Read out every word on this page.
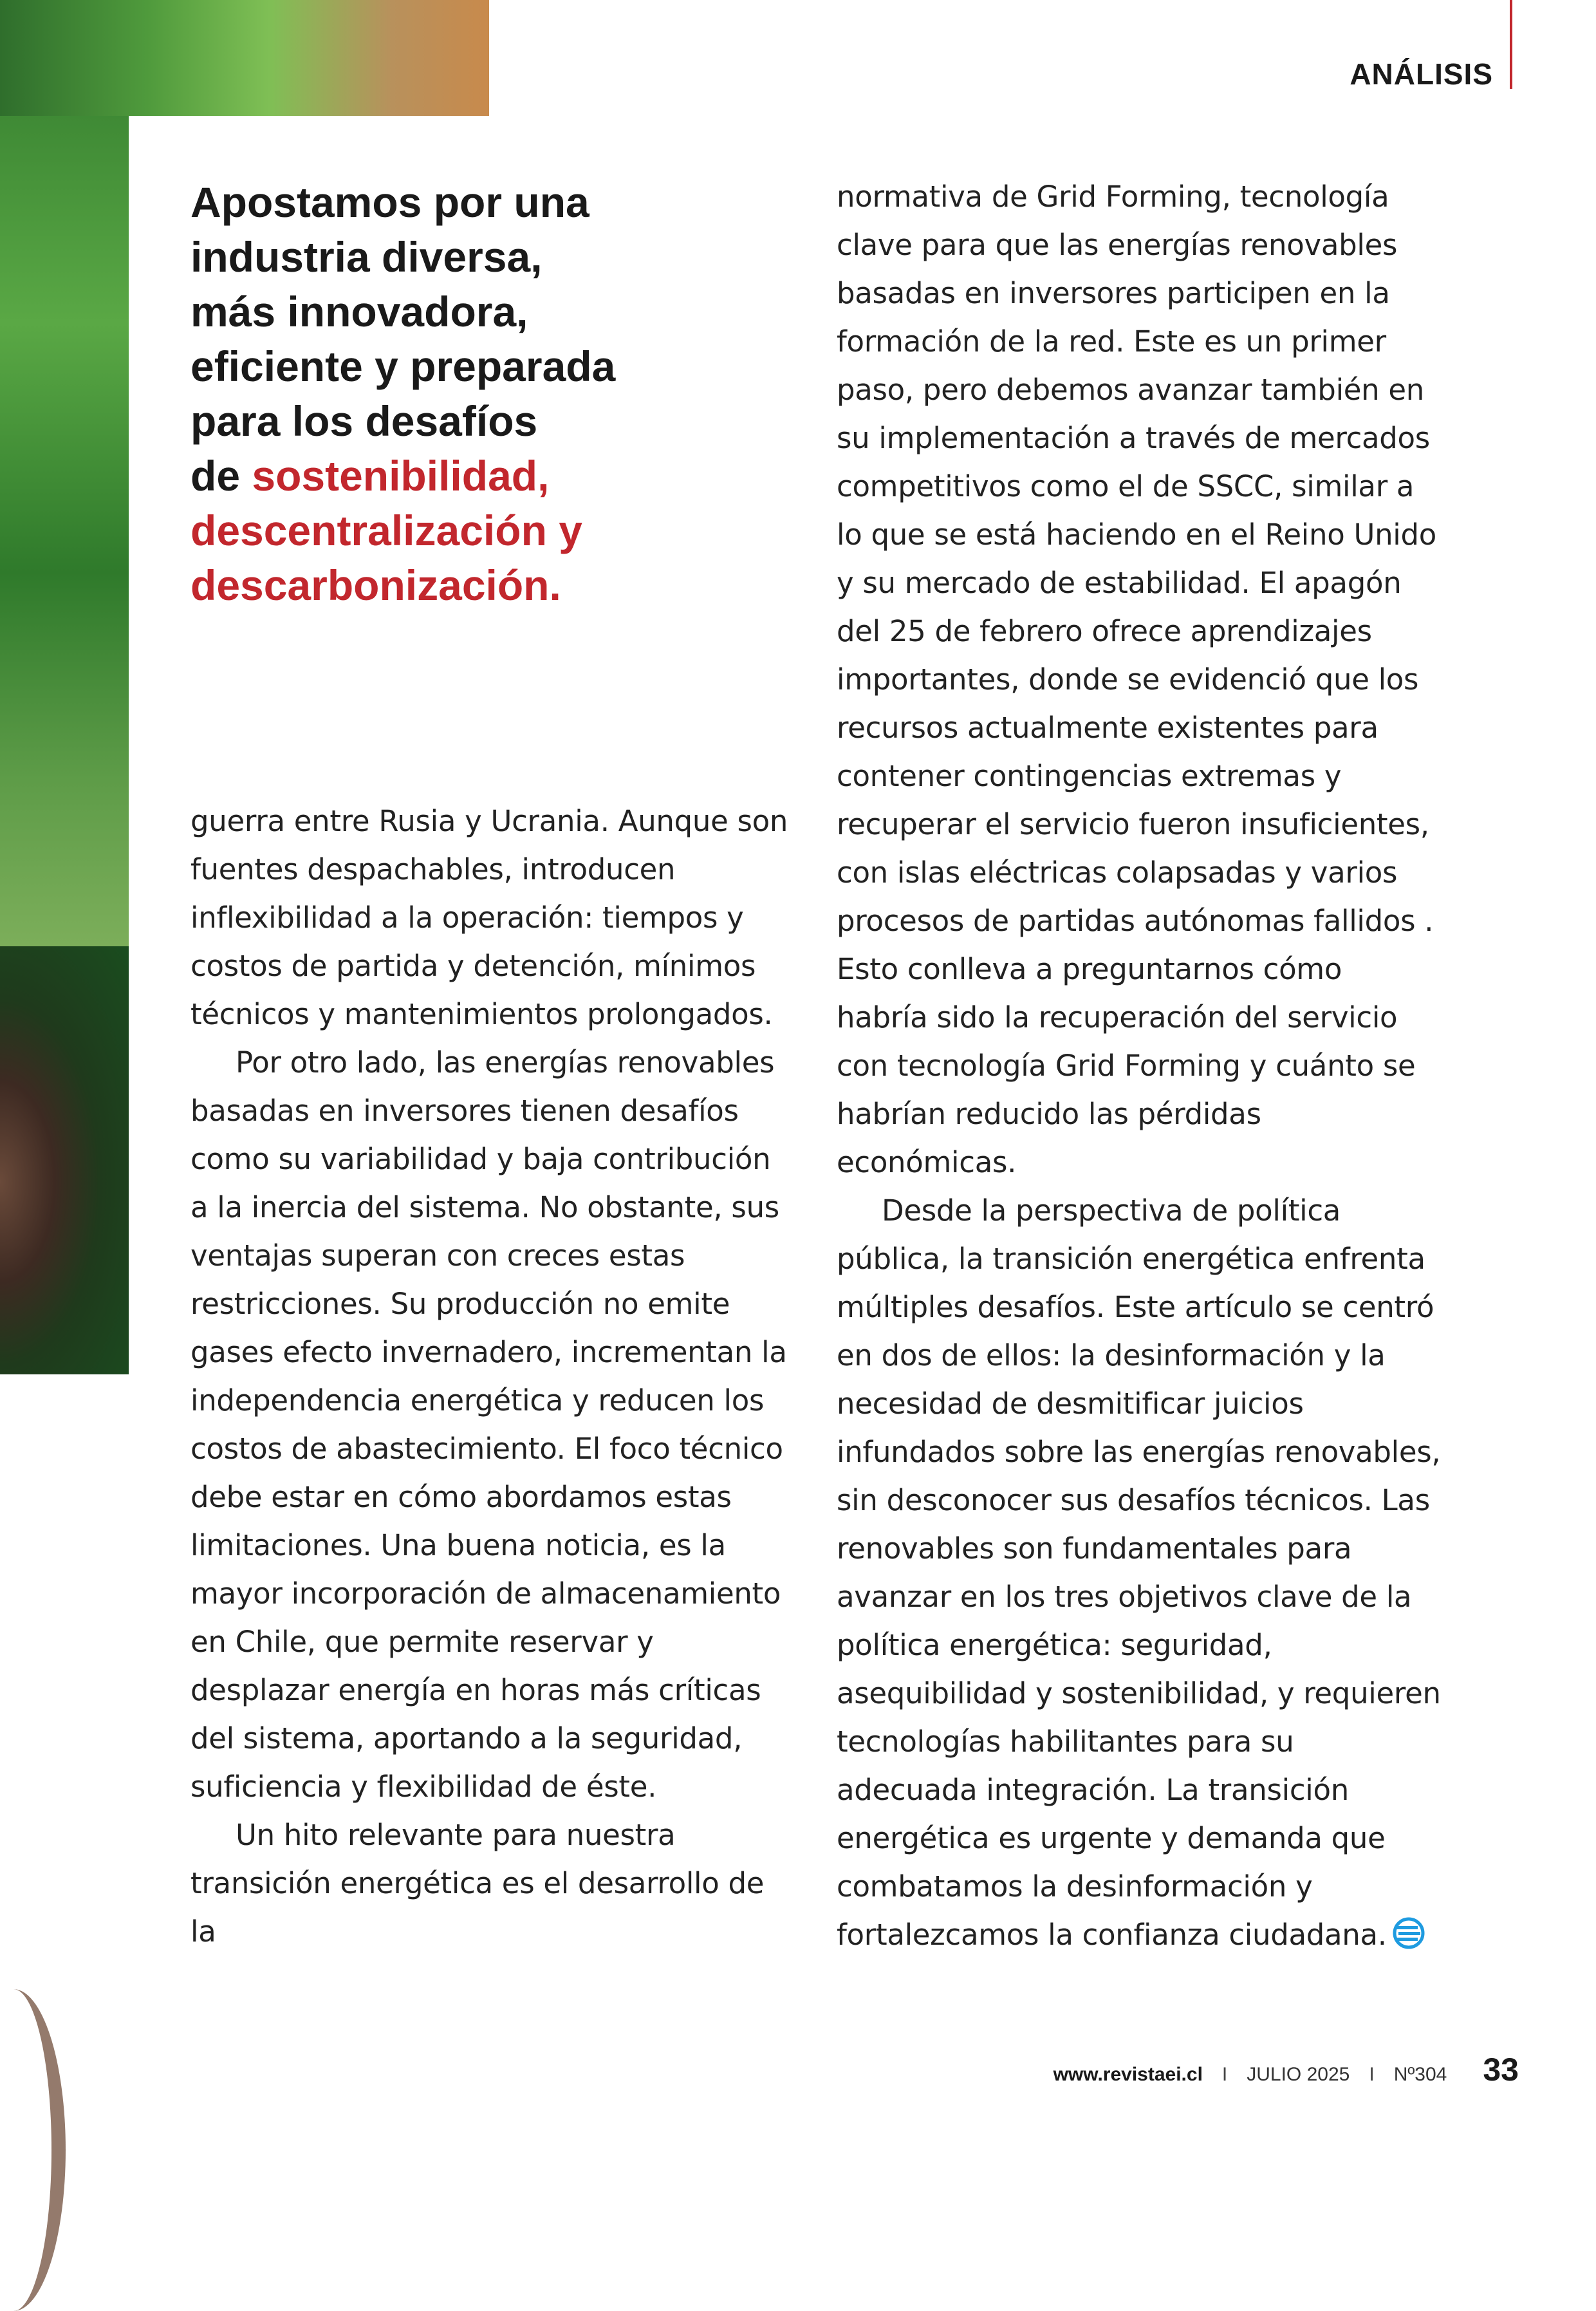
ANÁLISIS
Apostamos por una
industria diversa,
más innovadora,
eficiente y preparada
para los desafíos
de sostenibilidad,
descentralización y
descarbonización.

guerra entre Rusia y Ucrania. Aunque son fuentes despachables, introducen inflexibilidad a la operación: tiempos y costos de partida y detención, mínimos técnicos y mantenimientos prolongados.

Por otro lado, las energías renovables basadas en inversores tienen desafíos como su variabilidad y baja contribución a la inercia del sistema. No obstante, sus ventajas superan con creces estas restricciones. Su producción no emite gases efecto invernadero, incrementan la independencia energética y reducen los costos de abastecimiento. El foco técnico debe estar en cómo abordamos estas limitaciones. Una buena noticia, es la mayor incorporación de almacenamiento en Chile, que permite reservar y desplazar energía en horas más críticas del sistema, aportando a la seguridad, suficiencia y flexibilidad de éste.

Un hito relevante para nuestra transición energética es el desarrollo de la

normativa de Grid Forming, tecnología clave para que las energías renovables basadas en inversores participen en la formación de la red. Este es un primer paso, pero debemos avanzar también en su implementación a través de mercados competitivos como el de SSCC, similar a lo que se está haciendo en el Reino Unido y su mercado de estabilidad. El apagón del 25 de febrero ofrece aprendizajes importantes, donde se evidenció que los recursos actualmente existentes para contener contingencias extremas y recuperar el servicio fueron insuficientes, con islas eléctricas colapsadas y varios procesos de partidas autónomas fallidos . Esto conlleva a preguntarnos cómo habría sido la recuperación del servicio con tecnología Grid Forming y cuánto se habrían reducido las pérdidas económicas.

Desde la perspectiva de política pública, la transición energética enfrenta múltiples desafíos. Este artículo se centró en dos de ellos: la desinformación y la necesidad de desmitificar juicios infundados sobre las energías renovables, sin desconocer sus desafíos técnicos. Las renovables son fundamentales para avanzar en los tres objetivos clave de la política energética: seguridad, asequibilidad y sostenibilidad, y requieren tecnologías habilitantes para su adecuada integración. La transición energética es urgente y demanda que combatamos la desinformación y fortalezcamos la confianza ciudadana.

www.revistaei.cl I JULIO 2025 I Nº304 33
